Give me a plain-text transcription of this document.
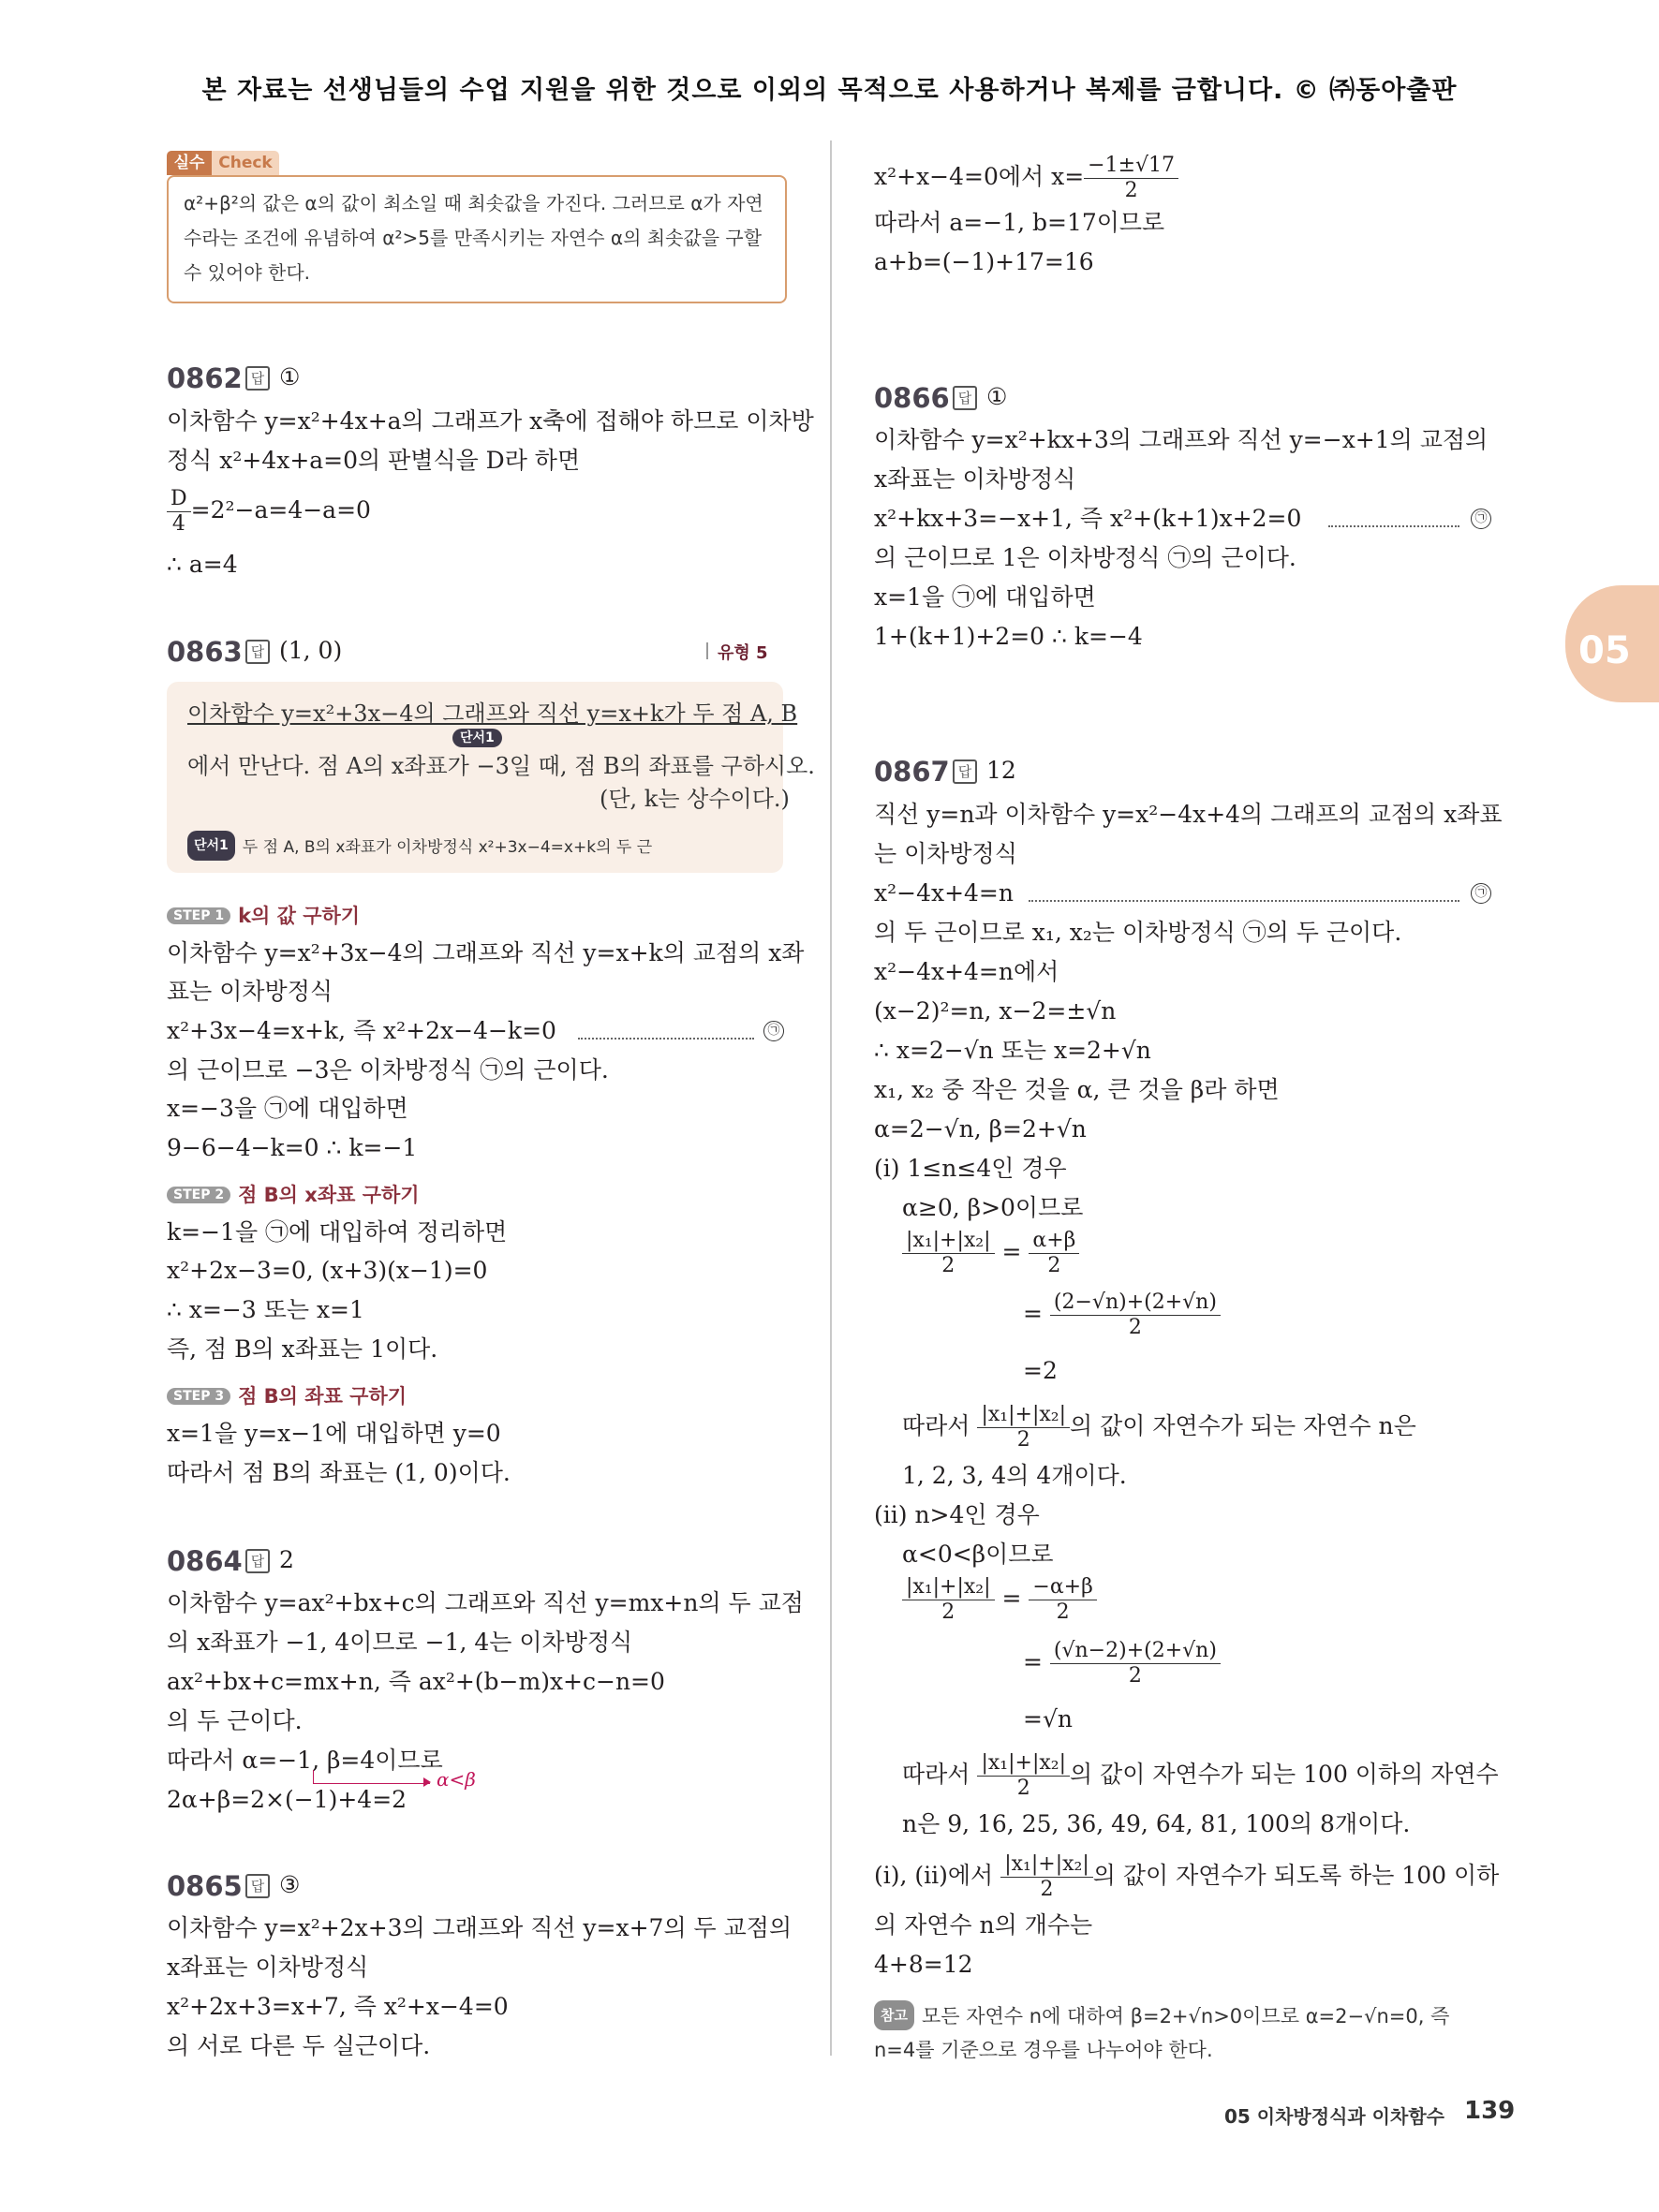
본 자료는 선생님들의 수업 지원을 위한 것으로 이외의 목적으로 사용하거나 복제를 금합니다. © ㈜동아출판
실수 Check
α²+β²의 값은 α의 값이 최소일 때 최솟값을 가진다. 그러므로 α가 자연
수라는 조건에 유념하여 α²>5를 만족시키는 자연수 α의 최솟값을 구할
수 있어야 한다.
0862 답 ①
이차함수 y=x²+4x+a의 그래프가 x축에 접해야 하므로 이차방
정식 x²+4x+a=0의 판별식을 D라 하면
$\frac{D}{4} =2^2-a=4-a=0$
∴ a=4
0863 답 (1, 0)	유형 5
이차함수 y=x²+3x−4의 그래프와 직선 y=x+k가 두 점 A, B
단서1
에서 만난다. 점 A의 x좌표가 −3일 때, 점 B의 좌표를 구하시오.
(단, k는 상수이다.)
단서1 두 점 A, B의 x좌표가 이차방정식 x²+3x−4=x+k의 두 근
STEP 1 k의 값 구하기
이차함수 y=x²+3x−4의 그래프와 직선 y=x+k의 교점의 x좌
표는 이차방정식
x²+3x−4=x+k, 즉 x²+2x−4−k=0	㉠
의 근이므로 −3은 이차방정식 ㉠의 근이다.
x=−3을 ㉠에 대입하면
9−6−4−k=0 ∴ k=−1
STEP 2 점 B의 x좌표 구하기
k=−1을 ㉠에 대입하여 정리하면
x²+2x−3=0, (x+3)(x−1)=0
∴ x=−3 또는 x=1
즉, 점 B의 x좌표는 1이다.
STEP 3 점 B의 좌표 구하기
x=1을 y=x−1에 대입하면 y=0
따라서 점 B의 좌표는 (1, 0)이다.
0864 답 2
이차함수 y=ax²+bx+c의 그래프와 직선 y=mx+n의 두 교점
의 x좌표가 −1, 4이므로 −1, 4는 이차방정식
ax²+bx+c=mx+n, 즉 ax²+(b−m)x+c−n=0
의 두 근이다.
따라서 α=−1, β=4이므로
α<β
2α+β=2×(−1)+4=2
0865 답 ③
이차함수 y=x²+2x+3의 그래프와 직선 y=x+7의 두 교점의
x좌표는 이차방정식
x²+2x+3=x+7, 즉 x²+x−4=0
의 서로 다른 두 실근이다.
x²+x−4=0에서 $x= \frac{-1\pm√17}{2}$
따라서 a=−1, b=17이므로
a+b=(−1)+17=16
0866 답 ①
이차함수 y=x²+kx+3의 그래프와 직선 y=−x+1의 교점의
x좌표는 이차방정식
x²+kx+3=−x+1, 즉 x²+(k+1)x+2=0	㉠
의 근이므로 1은 이차방정식 ㉠의 근이다.
x=1을 ㉠에 대입하면
1+(k+1)+2=0 ∴ k=−4
0867 답 12
직선 y=n과 이차함수 y=x²−4x+4의 그래프의 교점의 x좌표
는 이차방정식
x²−4x+4=n	㉠
의 두 근이므로 x₁, x₂는 이차방정식 ㉠의 두 근이다.
x²−4x+4=n에서
(x−2)²=n, x−2=±√n
∴ x=2−√n 또는 x=2+√n
x₁, x₂ 중 작은 것을 α, 큰 것을 β라 하면
α=2−√n, β=2+√n
(ⅰ) 1≤n≤4인 경우
α≥0, β>0이므로
$\frac{\text{|x₁|+|x₂|}}{2} = \frac{\alpha+\beta}{2}$
= $\frac{(2-√n)+(2+√n)}{2}$
=2
따라서 $\frac{\text{|x₁|+|x₂|}}{2}$ 의 값이 자연수가 되는 자연수 n은
1, 2, 3, 4의 4개이다.
(ⅱ) n>4인 경우
α<0<β이므로
$\frac{\text{|x₁|+|x₂|}}{2} = \frac{-\alpha+\beta}{2}$
= $\frac{(√n-2)+(2+√n)}{2}$
=√n
따라서 $\frac{\text{|x₁|+|x₂|}}{2}$ 의 값이 자연수가 되는 100 이하의 자연수
n은 9, 16, 25, 36, 49, 64, 81, 100의 8개이다.
(ⅰ), (ⅱ)에서 $\frac{\text{|x₁|+|x₂|}}{2}$ 의 값이 자연수가 되도록 하는 100 이하
의 자연수 n의 개수는
4+8=12
참고 모든 자연수 n에 대하여 β=2+√n>0이므로 α=2−√n=0, 즉
n=4를 기준으로 경우를 나누어야 한다.
05
05 이차방정식과 이차함수 139
